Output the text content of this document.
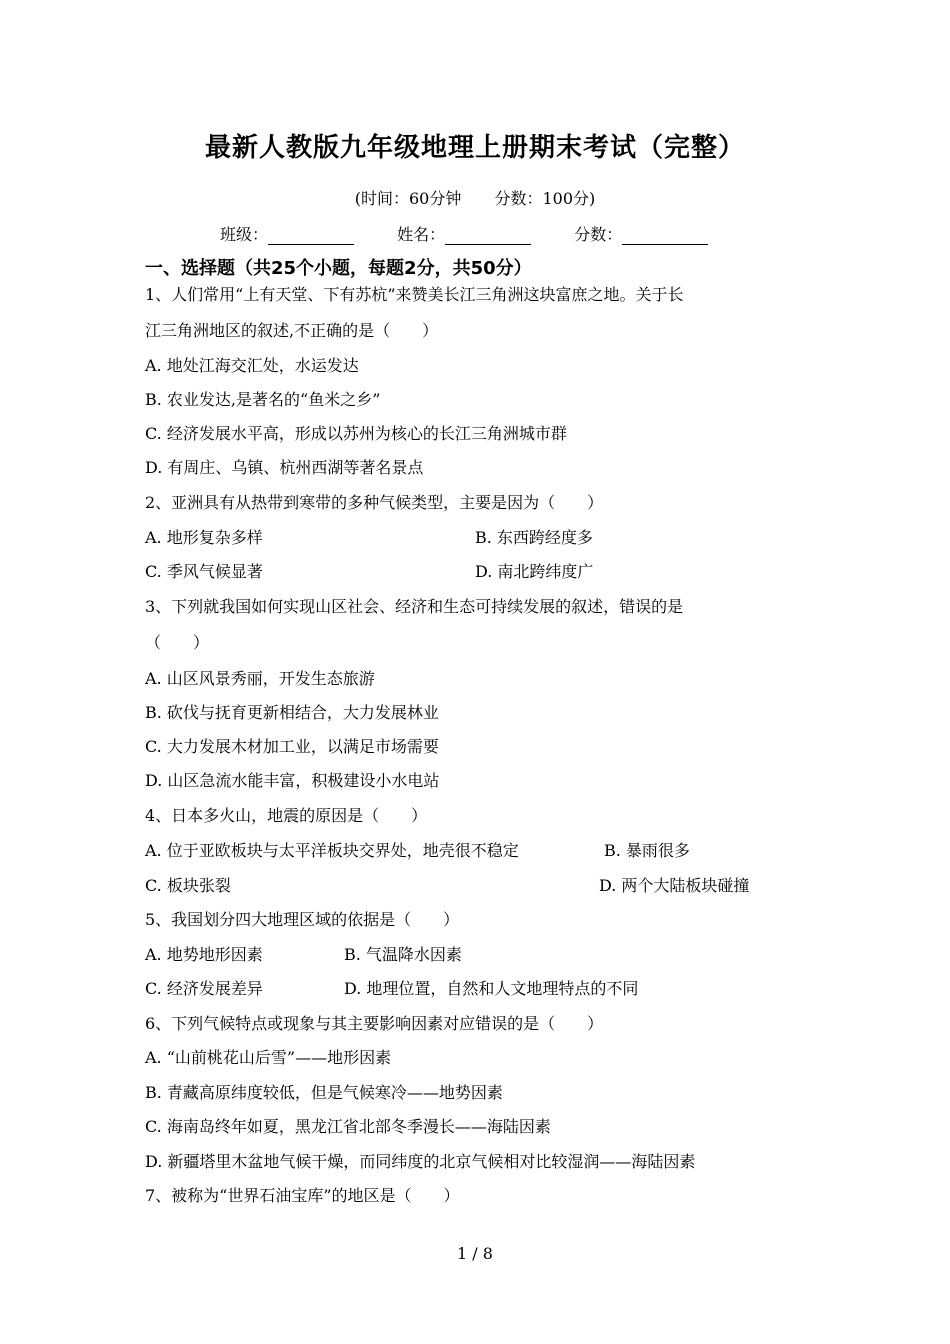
最新人教版九年级地理上册期末考试（完整）
(时间：60分钟 分数：100分)
班级：	姓名：	分数：
一、选择题（共25个小题，每题2分，共50分）
1、人们常用“上有天堂、下有苏杭”来赞美长江三角洲这块富庶之地。关于长
江三角洲地区的叙述,不正确的是（　　）
A. 地处江海交汇处，水运发达
B. 农业发达,是著名的“鱼米之乡”
C. 经济发展水平高，形成以苏州为核心的长江三角洲城市群
D. 有周庄、乌镇、杭州西湖等著名景点
2、亚洲具有从热带到寒带的多种气候类型，主要是因为（　　）
A. 地形复杂多样	B. 东西跨经度多
C. 季风气候显著	D. 南北跨纬度广
3、下列就我国如何实现山区社会、经济和生态可持续发展的叙述，错误的是
（　　）
A. 山区风景秀丽，开发生态旅游
B. 砍伐与抚育更新相结合，大力发展林业
C. 大力发展木材加工业，以满足市场需要
D. 山区急流水能丰富，积极建设小水电站
4、日本多火山，地震的原因是（　　）
A. 位于亚欧板块与太平洋板块交界处，地壳很不稳定	B. 暴雨很多
C. 板块张裂	D. 两个大陆板块碰撞
5、我国划分四大地理区域的依据是（　　）
A. 地势地形因素	B. 气温降水因素
C. 经济发展差异	D. 地理位置，自然和人文地理特点的不同
6、下列气候特点或现象与其主要影响因素对应错误的是（　　）
A. “山前桃花山后雪”——地形因素
B. 青藏高原纬度较低，但是气候寒冷——地势因素
C. 海南岛终年如夏，黑龙江省北部冬季漫长——海陆因素
D. 新疆塔里木盆地气候干燥，而同纬度的北京气候相对比较湿润——海陆因素
7、被称为“世界石油宝库”的地区是（　　）
1 / 8
